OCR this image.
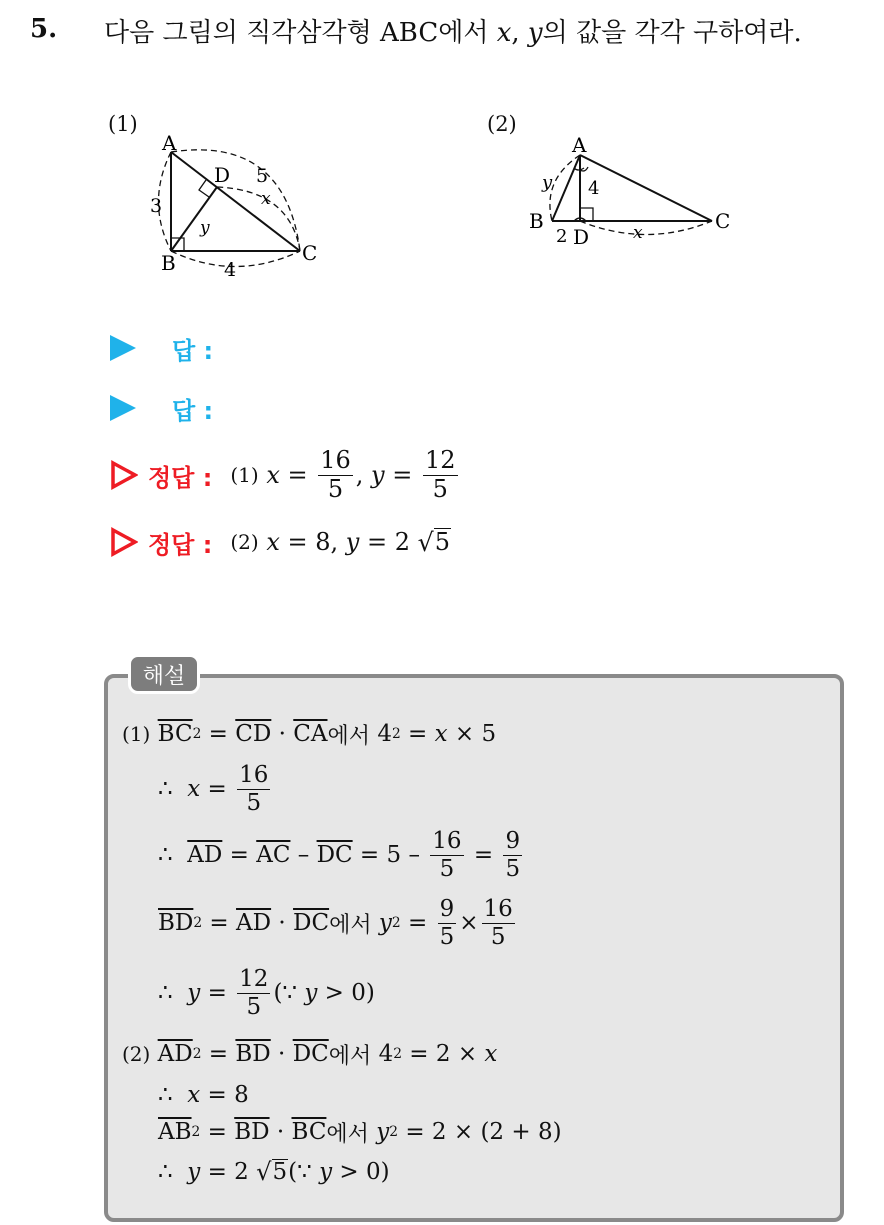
5. 다음 그림의 직각삼각형 ABC에서 x, y의 값을 각각 구하여라.
(1)
A
B	C
D
3
4
5
x
y
(2)
A
B	C
D
y 4
2	x
답 :
답 :
정답 : (1)
$x = \frac{16}{5}$ , $y = \frac{12}{5}$
정답 : (2)
x = 8 , y = 2
√ 5
해설
(1)
$\overline{BC}$ $2 = \overline{CD} \cdot \overline{CA}$ 에서
4 2 = x × 5
∴
$x = \frac{16}{5}$
∴
$\overline{AD} = \overline{AC} - \overline{DC} = 5 - \frac{16}{5} = \frac{9}{5}$
$\overline{BD}$ $2 = \overline{AD} \cdot \overline{DC}$ 에서
y $2 = \frac{9}{5} \times \frac{16}{5}$
∴
$y = \frac{12}{5}$ (∵ y > 0)
(2)
$\overline{AD}$ $2 = \overline{BD} \cdot \overline{DC}$ 에서
4 2 = 2 × x
∴
x = 8
$\overline{AB}$ $2 = \overline{BD} \cdot \overline{BC}$ 에서
y 2 = 2 × (2 + 8)
∴
y = 2
√ 5 (∵ y > 0)
